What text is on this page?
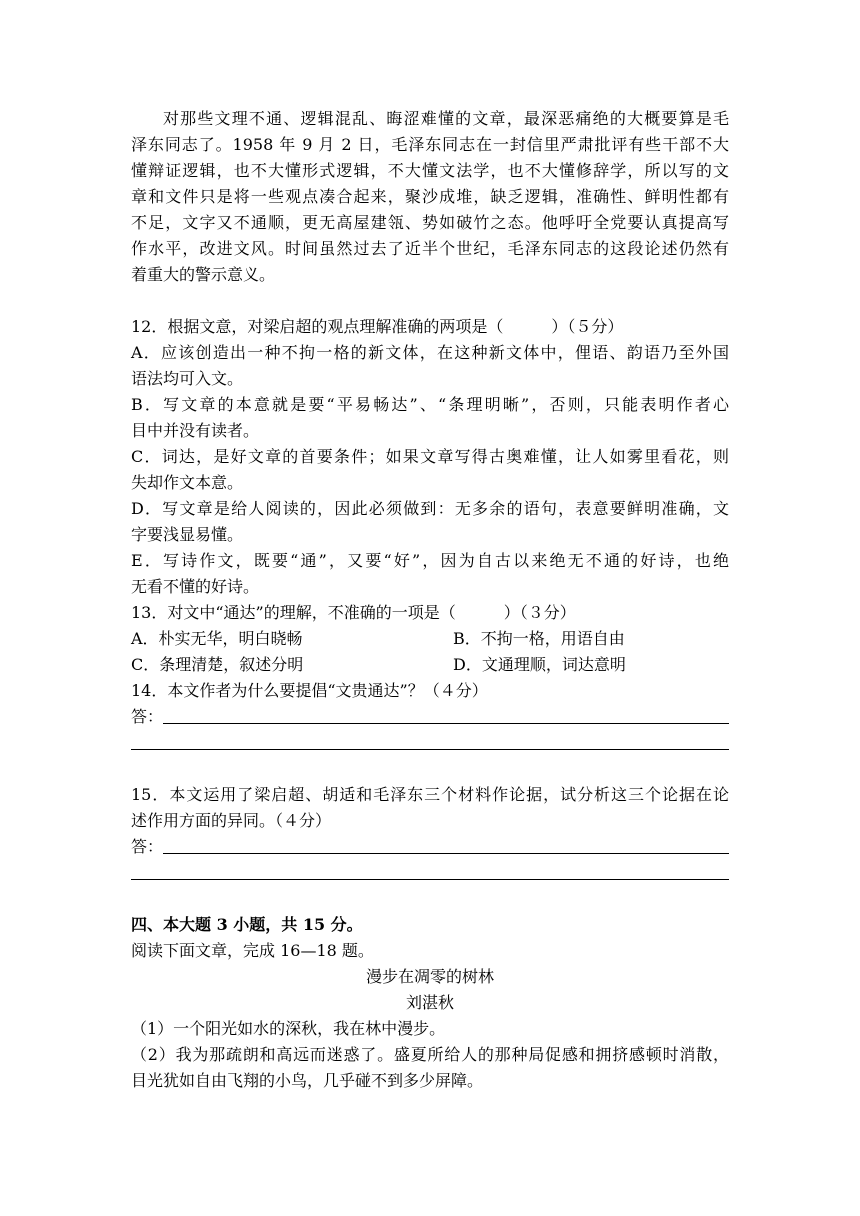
对那些文理不通、逻辑混乱、晦涩难懂的文章，最深恶痛绝的大概要算是毛
泽东同志了。1958 年 9 月 2 日，毛泽东同志在一封信里严肃批评有些干部不大
懂辩证逻辑，也不大懂形式逻辑，不大懂文法学，也不大懂修辞学，所以写的文
章和文件只是将一些观点凑合起来，聚沙成堆，缺乏逻辑，准确性、鲜明性都有
不足，文字又不通顺，更无高屋建瓴、势如破竹之态。他呼吁全党要认真提高写
作水平，改进文风。时间虽然过去了近半个世纪，毛泽东同志的这段论述仍然有
着重大的警示意义。
12．根据文意，对梁启超的观点理解准确的两项是（　　　）（５分）
A．应该创造出一种不拘一格的新文体，在这种新文体中，俚语、韵语乃至外国
语法均可入文。
B．写文章的本意就是要“平易畅达”、“条理明晰”，否则，只能表明作者心
目中并没有读者。
C．词达，是好文章的首要条件；如果文章写得古奥难懂，让人如雾里看花，则
失却作文本意。
D．写文章是给人阅读的，因此必须做到：无多余的语句，表意要鲜明准确，文
字要浅显易懂。
E．写诗作文，既要“通”，又要“好”，因为自古以来绝无不通的好诗，也绝
无看不懂的好诗。
13．对文中“通达”的理解，不准确的一项是（　　　）（３分）
A．朴实无华，明白晓畅	B．不拘一格，用语自由
C．条理清楚，叙述分明	D．文通理顺，词达意明
14．本文作者为什么要提倡“文贵通达”？（４分）
答：
15．本文运用了梁启超、胡适和毛泽东三个材料作论据，试分析这三个论据在论
述作用方面的异同。（４分）
答：
四、本大题 3 小题，共 15 分。
阅读下面文章，完成 16—18 题。
漫步在凋零的树林
刘湛秋
（1）一个阳光如水的深秋，我在林中漫步。
（2）我为那疏朗和高远而迷惑了。盛夏所给人的那种局促感和拥挤感顿时消散，
目光犹如自由飞翔的小鸟，几乎碰不到多少屏障。
